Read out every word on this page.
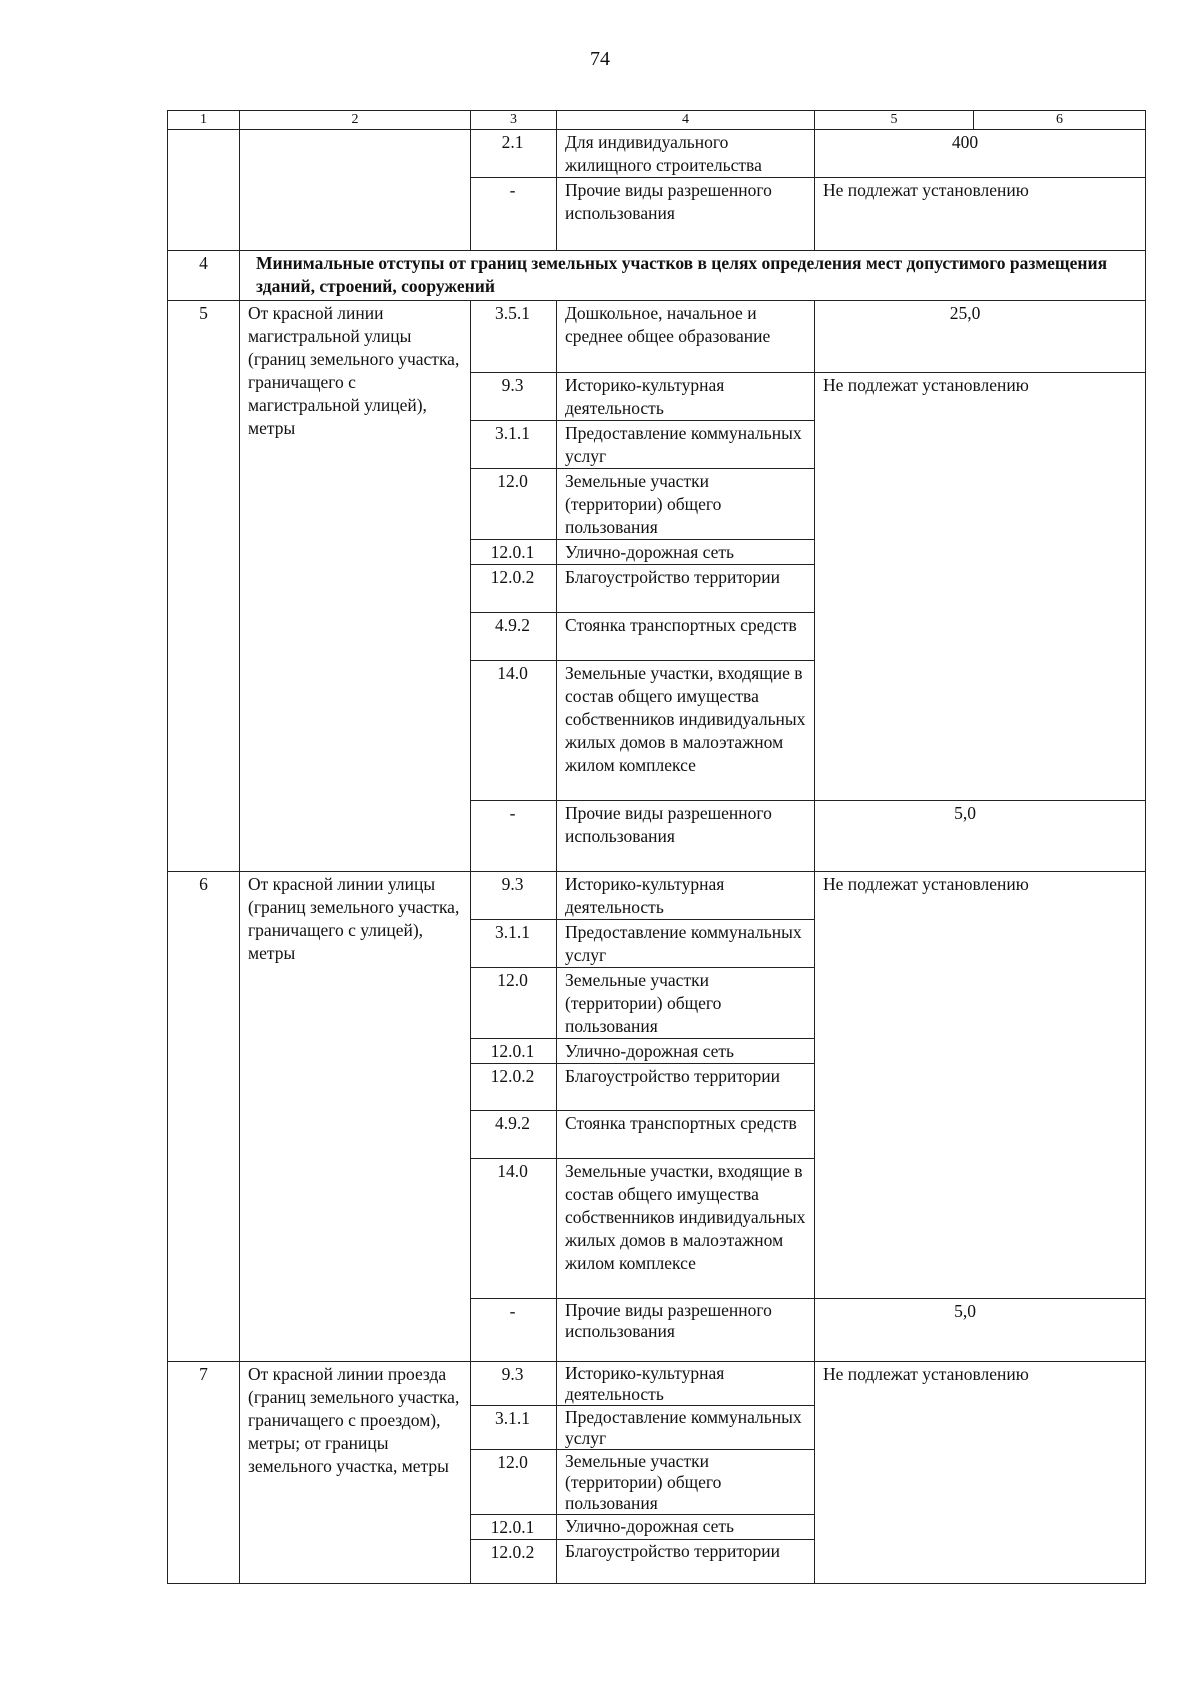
74
1	2	3	4	5	6
		2.1	Для индивидуального жилищного строительства	400	

		-	Прочие виды разрешенного использования	Не подлежат установлению	
4	Минимальные отступы от границ земельных участков в целях определения мест допустимого размещения зданий, строений, сооружений				
5	От красной линии магистральной улицы (границ земельного участка, граничащего с магистральной улицей), метры	3.5.1	Дошкольное, начальное и среднее общее образование	25,0	

		9.3	Историко-культурная деятельность	Не подлежат установлению	
		3.1.1	Предоставление коммунальных услуг		
		12.0	Земельные участки (территории) общего пользования		
		12.0.1	Улично-дорожная сеть		
		12.0.2	Благоустройство территории		
		4.9.2	Стоянка транспортных средств		
		14.0	Земельные участки, входящие в состав общего имущества собственников индивидуальных жилых домов в малоэтажном жилом комплексе		
		-	Прочие виды разрешенного использования	5,0	

6	От красной линии улицы (границ земельного участка, граничащего с улицей), метры	9.3	Историко-культурная деятельность	Не подлежат установлению	
		3.1.1	Предоставление коммунальных услуг		
		12.0	Земельные участки (территории) общего пользования		
		12.0.1	Улично-дорожная сеть		
		12.0.2	Благоустройство территории		
		4.9.2	Стоянка транспортных средств		
		14.0	Земельные участки, входящие в состав общего имущества собственников индивидуальных жилых домов в малоэтажном жилом комплексе		
		-	Прочие виды разрешенного использования	5,0	

7	От красной линии проезда (границ земельного участка, граничащего с проездом), метры; от границы земельного участка, метры	9.3	Историко-культурная деятельность	Не подлежат установлению	
		3.1.1	Предоставление коммунальных услуг		
		12.0	Земельные участки (территории) общего пользования		
		12.0.1	Улично-дорожная сеть		
		12.0.2	Благоустройство территории		
